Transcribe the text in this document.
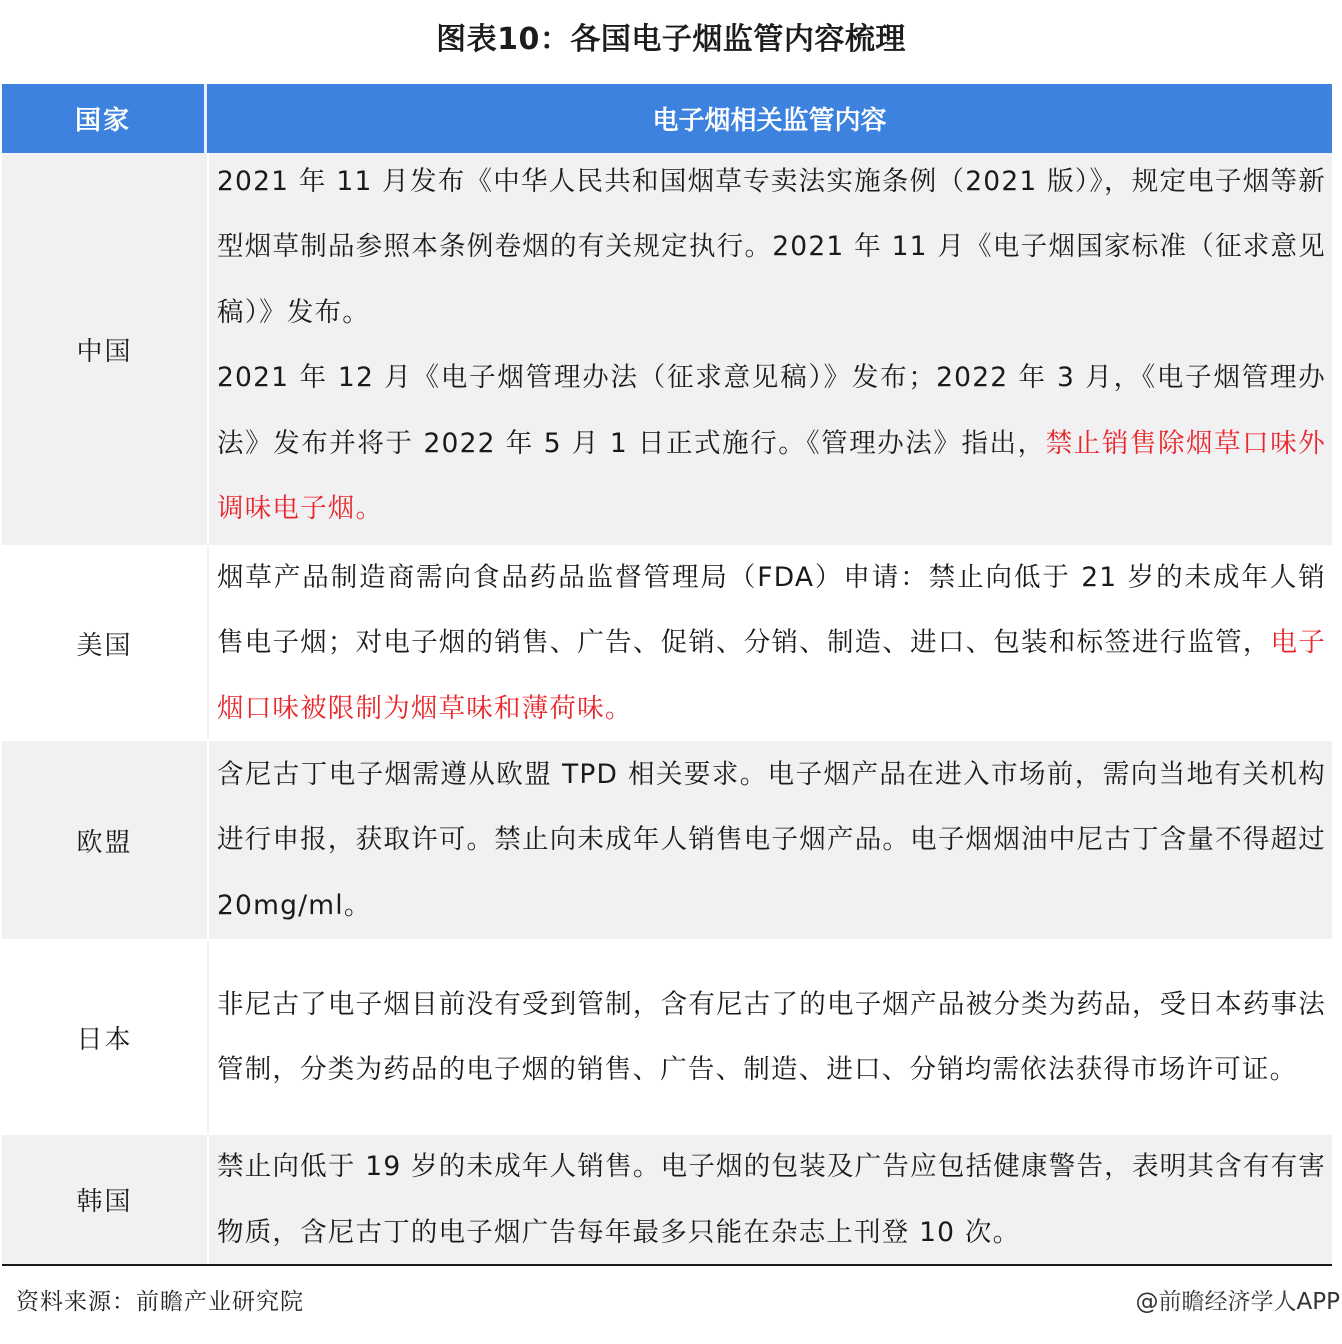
图表10：各国电子烟监管内容梳理
国家	电子烟相关监管内容
中国
2021 年 11 月发布《中华人民共和国烟草专卖法实施条例（2021 版）》，规定电子烟等新型烟草制品参照本条例卷烟的有关规定执行。2021 年 11 月《电子烟国家标准（征求意见稿）》发布。
2021 年 12 月《电子烟管理办法（征求意见稿）》发布；2022 年 3 月，《电子烟管理办法》发布并将于 2022 年 5 月 1 日正式施行。《管理办法》指出，禁止销售除烟草口味外调味电子烟。
美国
烟草产品制造商需向食品药品监督管理局（FDA）申请：禁止向低于 21 岁的未成年人销售电子烟；对电子烟的销售、广告、促销、分销、制造、进口、包装和标签进行监管，电子烟口味被限制为烟草味和薄荷味。
欧盟
含尼古丁电子烟需遵从欧盟 TPD 相关要求。电子烟产品在进入市场前，需向当地有关机构进行申报，获取许可。禁止向未成年人销售电子烟产品。电子烟烟油中尼古丁含量不得超过 20mg/ml。
日本
非尼古了电子烟目前没有受到管制，含有尼古了的电子烟产品被分类为药品，受日本药事法管制，分类为药品的电子烟的销售、广告、制造、进口、分销均需依法获得市场许可证。
韩国
禁止向低于 19 岁的未成年人销售。电子烟的包装及广告应包括健康警告，表明其含有有害物质，含尼古丁的电子烟广告每年最多只能在杂志上刊登 10 次。
资料来源：前瞻产业研究院	@前瞻经济学人APP
